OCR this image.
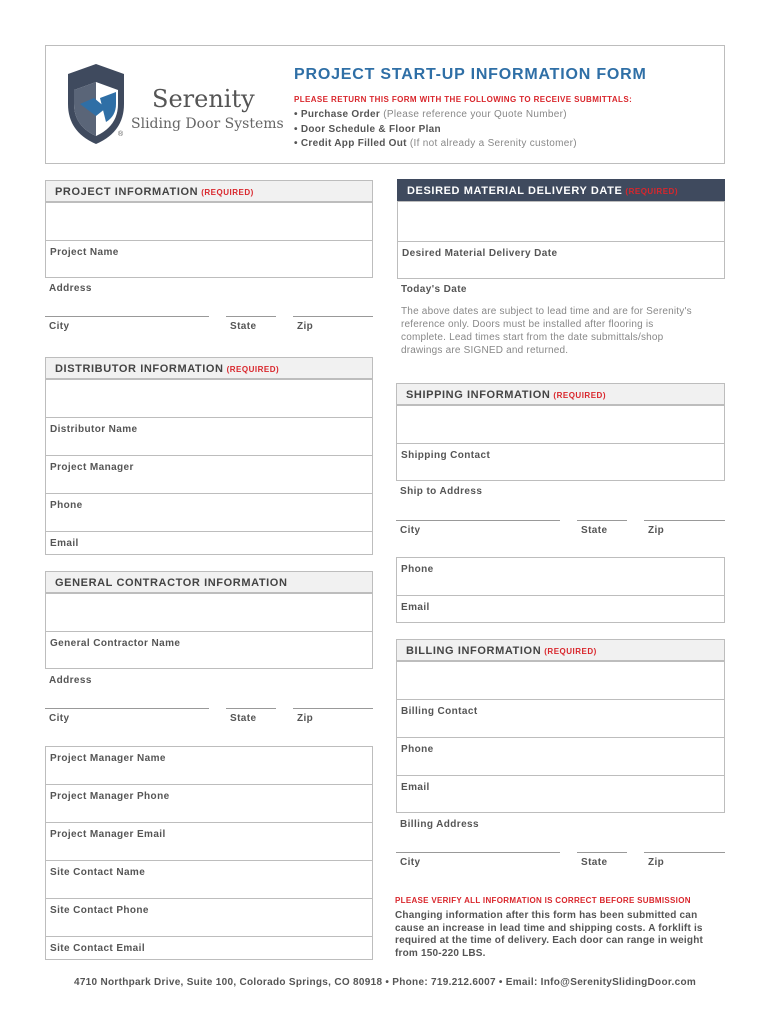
®
Serenity
Sliding Door Systems
PROJECT START-UP INFORMATION FORM
PLEASE RETURN THIS FORM WITH THE FOLLOWING TO RECEIVE SUBMITTALS:
• Purchase Order (Please reference your Quote Number)
• Door Schedule & Floor Plan
• Credit App Filled Out (If not already a Serenity customer)
PROJECT INFORMATION (REQUIRED)
Project Name
Address
City	State	Zip
DESIRED MATERIAL DELIVERY DATE (REQUIRED)
Desired Material Delivery Date
Today's Date
The above dates are subject to lead time and are for Serenity's reference only. Doors must be installed after flooring is complete. Lead times start from the date submittals/shop drawings are SIGNED and returned.
DISTRIBUTOR INFORMATION (REQUIRED)
Distributor Name
Project Manager
Phone
Email
SHIPPING INFORMATION (REQUIRED)
Shipping Contact
Ship to Address
City	State	Zip
Phone
Email
GENERAL CONTRACTOR INFORMATION
General Contractor Name
Address
City	State	Zip
Project Manager Name
Project Manager Phone
Project Manager Email
Site Contact Name
Site Contact Phone
Site Contact Email
BILLING INFORMATION (REQUIRED)
Billing Contact
Phone
Email
Billing Address
City	State	Zip
PLEASE VERIFY ALL INFORMATION IS CORRECT BEFORE SUBMISSION
Changing information after this form has been submitted can cause an increase in lead time and shipping costs. A forklift is required at the time of delivery. Each door can range in weight from 150-220 LBS.
4710 Northpark Drive, Suite 100, Colorado Springs, CO 80918 • Phone: 719.212.6007 • Email: Info@SerenitySlidingDoor.com
